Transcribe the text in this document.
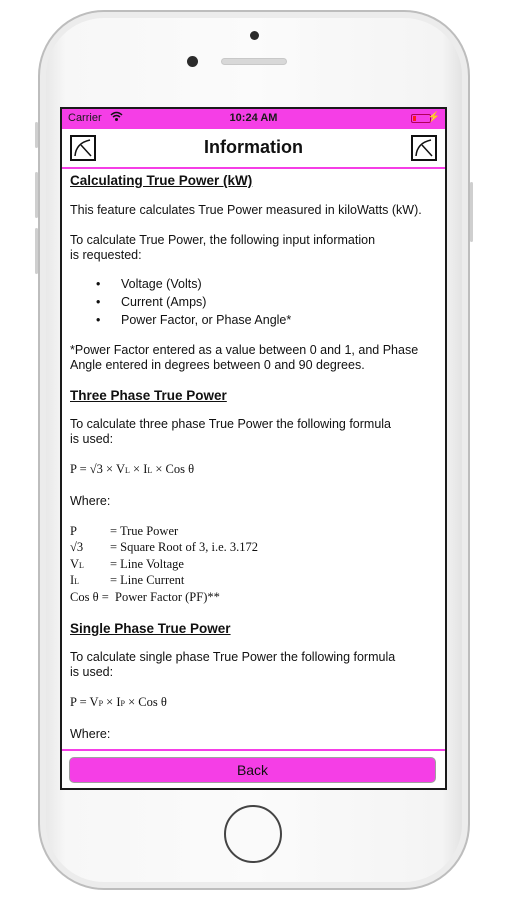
Carrier	10:24 AM	⚡
Information

Calculating True Power (kW)

This feature calculates True Power measured in kiloWatts (kW).

To calculate True Power, the following input information
is requested:

• Voltage (Volts)
• Current (Amps)
• Power Factor, or Phase Angle*

*Power Factor entered as a value between 0 and 1, and Phase
Angle entered in degrees between 0 and 90 degrees.

Three Phase True Power

To calculate three phase True Power the following formula
is used:

P = √3 × VL × IL × Cos θ

Where:

P	= True Power
√3	= Square Root of 3, i.e. 3.172
VL	= Line Voltage
IL	= Line Current
Cos θ = Power Factor (PF)**

Single Phase True Power

To calculate single phase True Power the following formula
is used:

P = VP × IP × Cos θ

Where:

Back
